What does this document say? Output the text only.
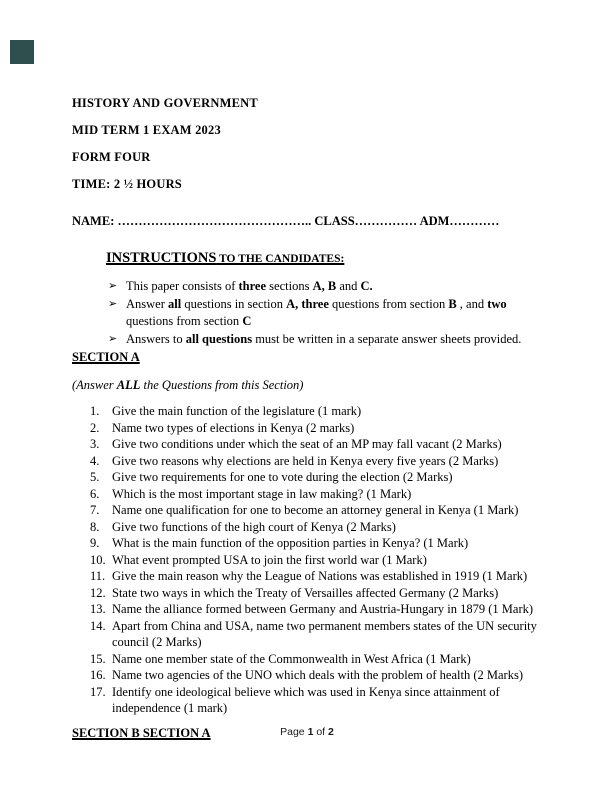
HISTORY AND GOVERNMENT
MID TERM 1 EXAM 2023
FORM FOUR
TIME: 2 ½ HOURS
NAME: ……………………………………….. CLASS…………… ADM…………
INSTRUCTIONS TO THE CANDIDATES:
➢ This paper consists of three sections A, B and C.
➢ Answer all questions in section A, three questions from section B , and two questions from section C
➢ Answers to all questions must be written in a separate answer sheets provided.
SECTION A
(Answer ALL the Questions from this Section)
1.	Give the main function of the legislature (1 mark)
2.	Name two types of elections in Kenya (2 marks)
3.	Give two conditions under which the seat of an MP may fall vacant (2 Marks)
4.	Give two reasons why elections are held in Kenya every five years (2 Marks)
5.	Give two requirements for one to vote during the election (2 Marks)
6.	Which is the most important stage in law making? (1 Mark)
7.	Name one qualification for one to become an attorney general in Kenya (1 Mark)
8.	Give two functions of the high court of Kenya (2 Marks)
9.	What is the main function of the opposition parties in Kenya? (1 Mark)
10. What event prompted USA to join the first world war (1 Mark)
11. Give the main reason why the League of Nations was established in 1919 (1 Mark)
12. State two ways in which the Treaty of Versailles affected Germany (2 Marks)
13. Name the alliance formed between Germany and Austria-Hungary in 1879 (1 Mark)
14. Apart from China and USA, name two permanent members states of the UN security council (2 Marks)
15. Name one member state of the Commonwealth in West Africa (1 Mark)
16. Name two agencies of the UNO which deals with the problem of health (2 Marks)
17. Identify one ideological believe which was used in Kenya since attainment of independence (1 mark)
SECTION B SECTION A	Page 1 of 2
